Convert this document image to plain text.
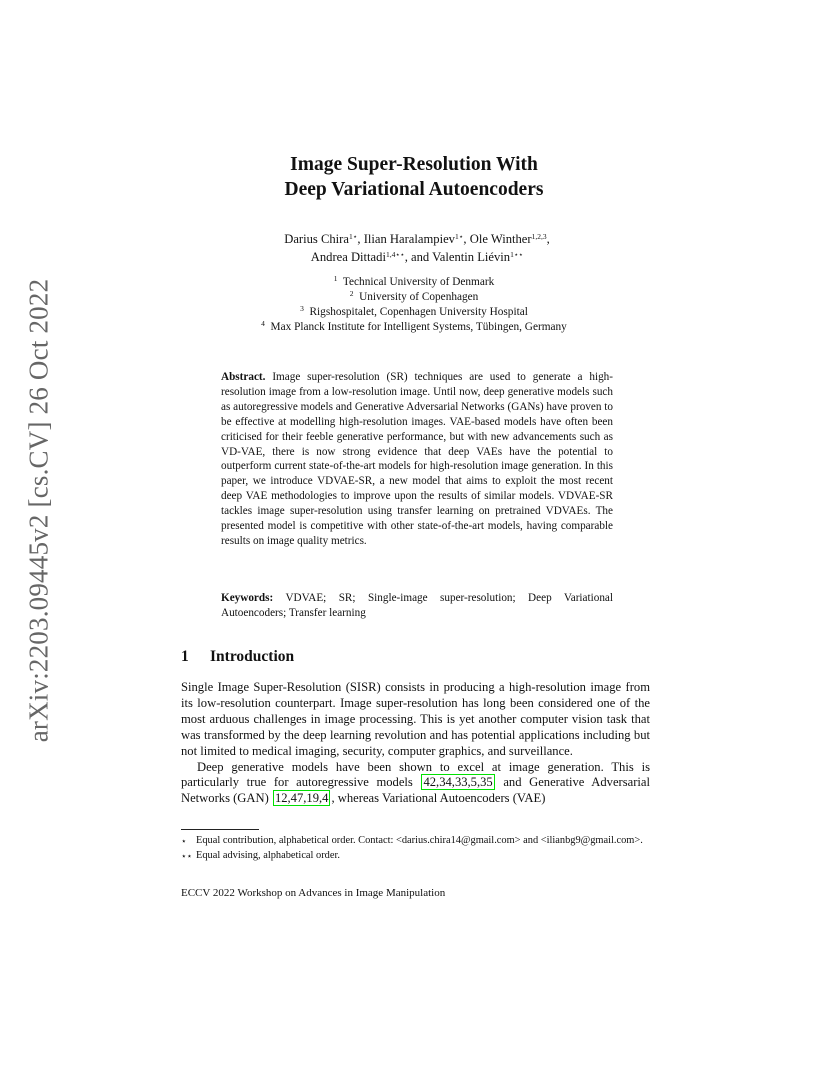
arXiv:2203.09445v2 [cs.CV] 26 Oct 2022
Image Super-Resolution With
Deep Variational Autoencoders
Darius Chira$^{1⋆}$, Ilian Haralampiev$^{1⋆}$, Ole Winther$^{1,2,3}$,
Andrea Dittadi$^{1,4⋆⋆}$, and Valentin Liévin$^{1⋆⋆}$
$^1$ Technical University of Denmark
$^2$ University of Copenhagen
$^3$ Rigshospitalet, Copenhagen University Hospital
$^4$ Max Planck Institute for Intelligent Systems, Tübingen, Germany
Abstract. Image super-resolution (SR) techniques are used to generate a high-resolution image from a low-resolution image. Until now, deep generative models such as autoregressive models and Generative Adversarial Networks (GANs) have proven to be effective at modelling high-resolution images. VAE-based models have often been criticised for their feeble generative performance, but with new advancements such as VD-VAE, there is now strong evidence that deep VAEs have the potential to outperform current state-of-the-art models for high-resolution image generation. In this paper, we introduce VDVAE-SR, a new model that aims to exploit the most recent deep VAE methodologies to improve upon the results of similar models. VDVAE-SR tackles image super-resolution using transfer learning on pretrained VDVAEs. The presented model is competitive with other state-of-the-art models, having comparable results on image quality metrics.
Keywords: VDVAE; SR; Single-image super-resolution; Deep Variational Autoencoders; Transfer learning
1 Introduction

Single Image Super-Resolution (SISR) consists in producing a high-resolution image from its low-resolution counterpart. Image super-resolution has long been considered one of the most arduous challenges in image processing. This is yet another computer vision task that was transformed by the deep learning revolution and has potential applications including but not limited to medical imaging, security, computer graphics, and surveillance.

Deep generative models have been shown to excel at image generation. This is particularly true for autoregressive models 42,34,33,5,35 and Generative Adversarial Networks (GAN) 12,47,19,4 , whereas Variational Autoencoders (VAE)

⋆ Equal contribution, alphabetical order. Contact: <darius.chira14@gmail.com> and <ilianbg9@gmail.com>.
⋆⋆ Equal advising, alphabetical order.
ECCV 2022 Workshop on Advances in Image Manipulation
